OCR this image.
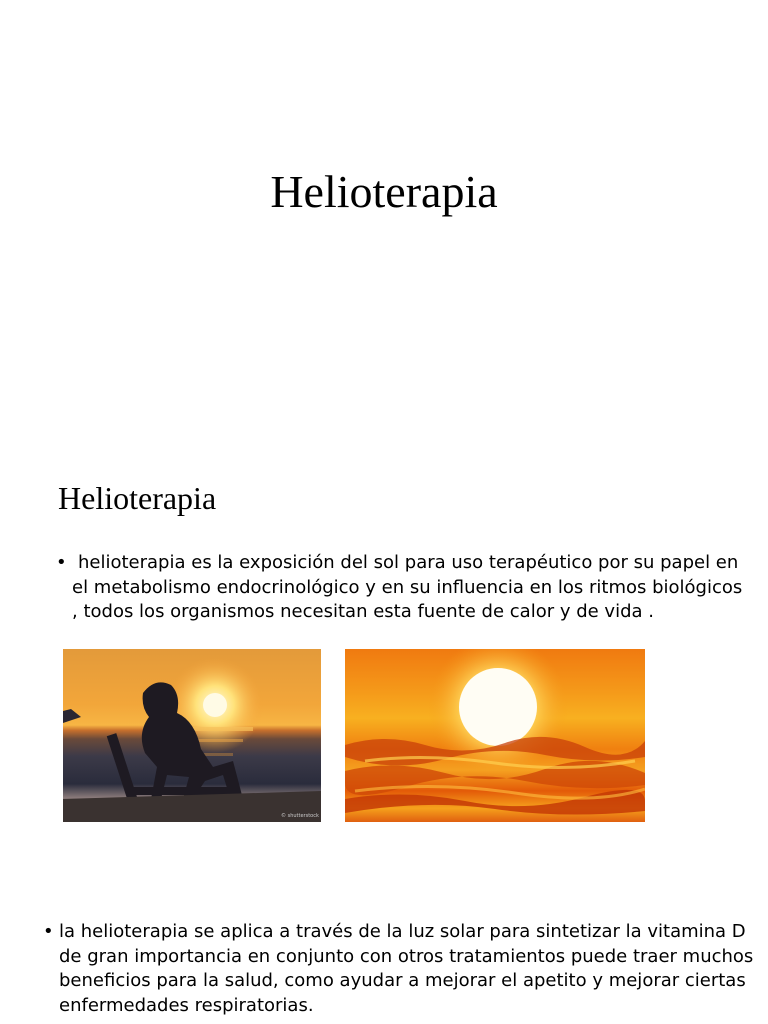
Helioterapia
Helioterapia
• helioterapia es la exposición del sol para uso terapéutico por su papel en el metabolismo endocrinológico y en su influencia en los ritmos biológicos , todos los organismos necesitan esta fuente de calor y de vida .
© shutterstock
• la helioterapia se aplica a través de la luz solar para sintetizar la vitamina D de gran importancia en conjunto con otros tratamientos puede traer muchos beneficios para la salud, como ayudar a mejorar el apetito y mejorar ciertas enfermedades respiratorias.
